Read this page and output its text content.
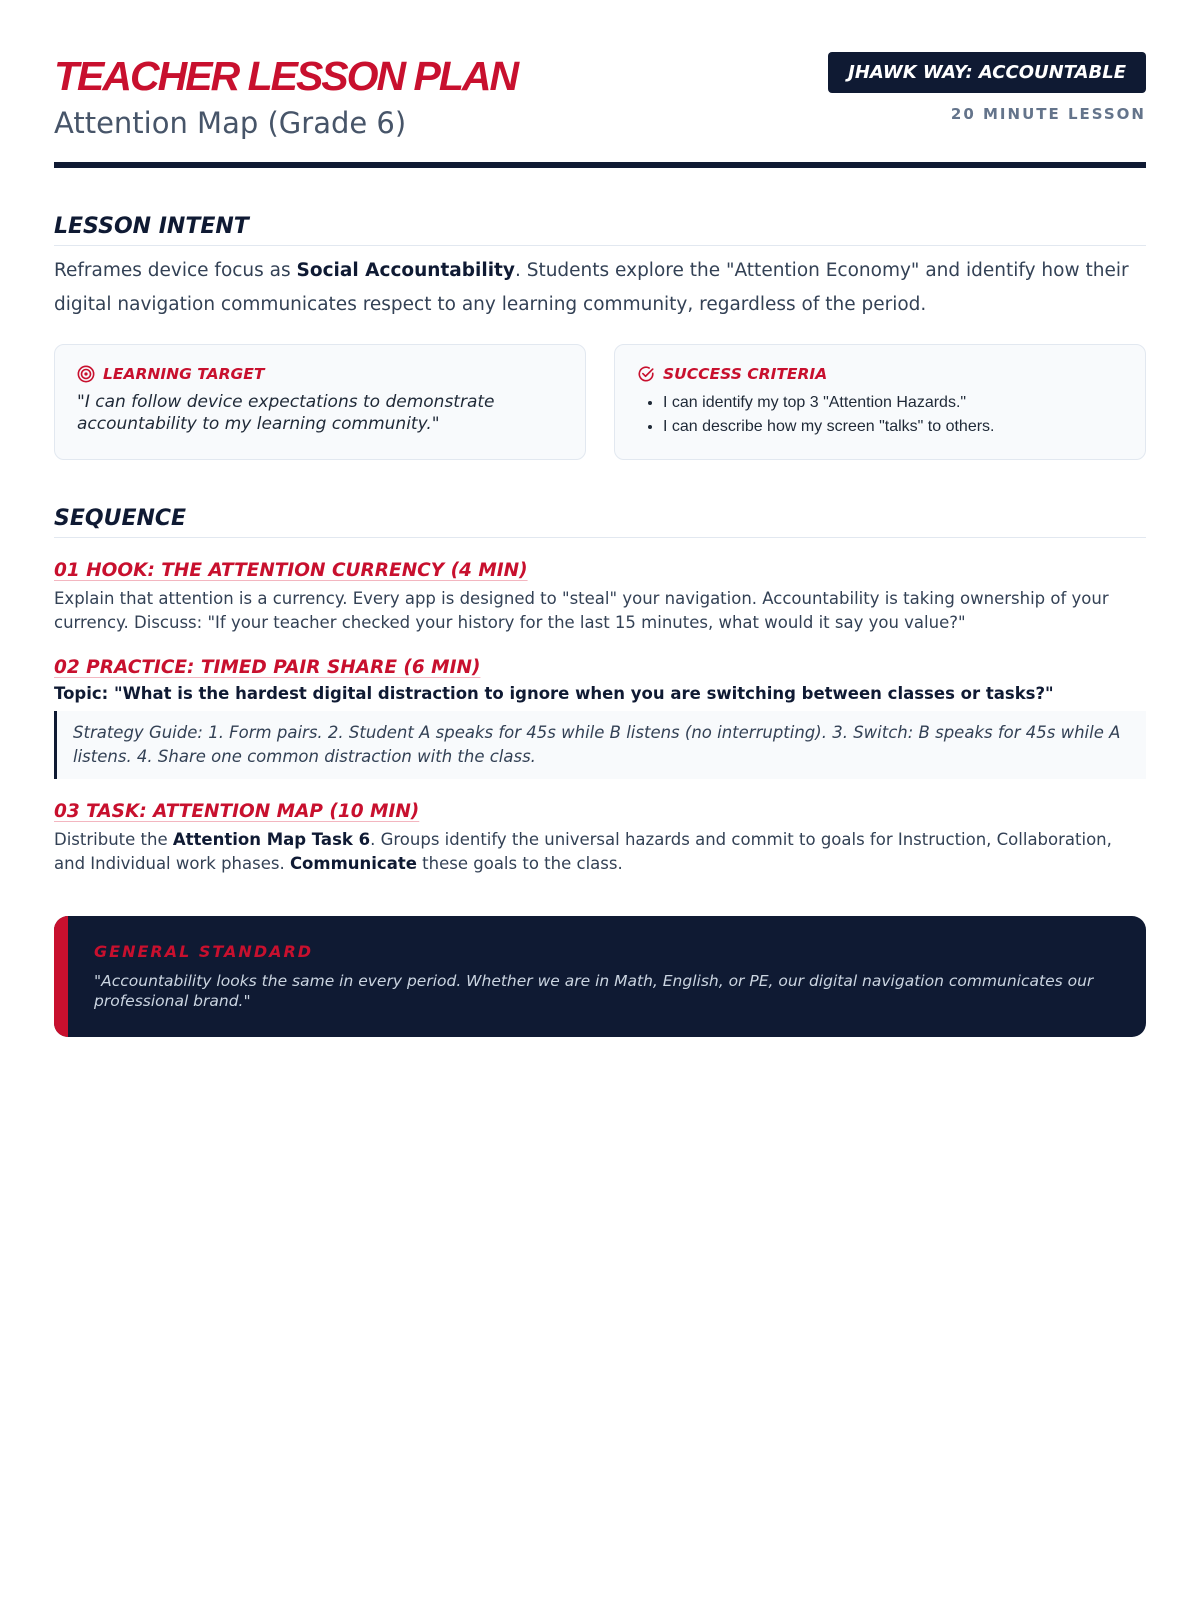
TEACHER LESSON PLAN
Attention Map (Grade 6)
JHAWK WAY: ACCOUNTABLE
20 MINUTE LESSON
LESSON INTENT

Reframes device focus as Social Accountability. Students explore the "Attention Economy" and identify how their digital navigation communicates respect to any learning community, regardless of the period.

LEARNING TARGET
"I can follow device expectations to demonstrate accountability to my learning community."
SUCCESS CRITERIA
• I can identify my top 3 "Attention Hazards."
• I can describe how my screen "talks" to others.
SEQUENCE
01 HOOK: THE ATTENTION CURRENCY (4 MIN)

Explain that attention is a currency. Every app is designed to "steal" your navigation. Accountability is taking ownership of your currency. Discuss: "If your teacher checked your history for the last 15 minutes, what would it say you value?"

02 PRACTICE: TIMED PAIR SHARE (6 MIN)

Topic: "What is the hardest digital distraction to ignore when you are switching between classes or tasks?"

Strategy Guide: 1. Form pairs. 2. Student A speaks for 45s while B listens (no interrupting). 3. Switch: B speaks for 45s while A listens. 4. Share one common distraction with the class.
03 TASK: ATTENTION MAP (10 MIN)

Distribute the Attention Map Task 6. Groups identify the universal hazards and commit to goals for Instruction, Collaboration, and Individual work phases. Communicate these goals to the class.

GENERAL STANDARD
"Accountability looks the same in every period. Whether we are in Math, English, or PE, our digital navigation communicates our professional brand."
